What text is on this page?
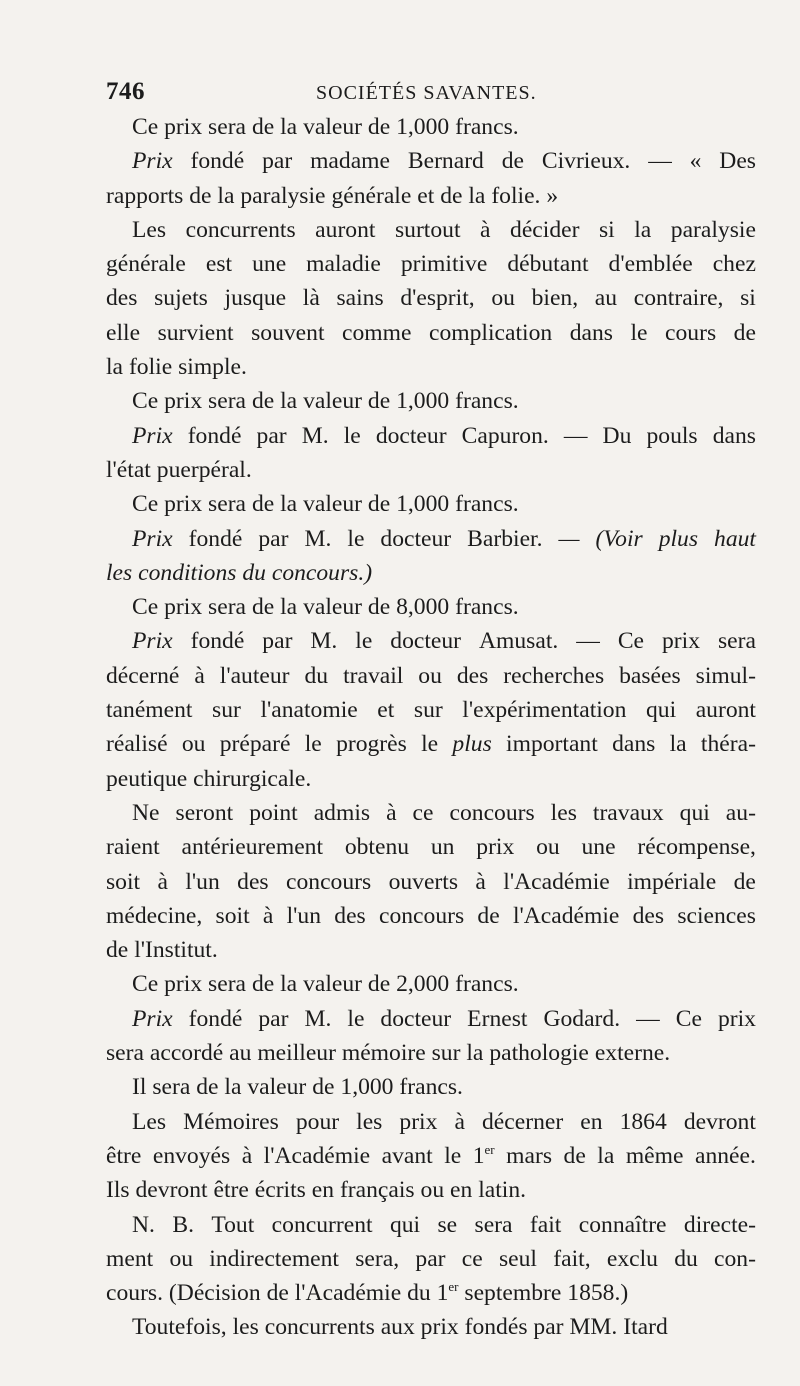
746	SOCIÉTÉS SAVANTES.
Ce prix sera de la valeur de 1,000 francs.
Prix fondé par madame Bernard de Civrieux. — « Des
rapports de la paralysie générale et de la folie. »
Les concurrents auront surtout à décider si la paralysie
générale est une maladie primitive débutant d'emblée chez
des sujets jusque là sains d'esprit, ou bien, au contraire, si
elle survient souvent comme complication dans le cours de
la folie simple.
Ce prix sera de la valeur de 1,000 francs.
Prix fondé par M. le docteur Capuron. — Du pouls dans
l'état puerpéral.
Ce prix sera de la valeur de 1,000 francs.
Prix fondé par M. le docteur Barbier. — (Voir plus haut
les conditions du concours.)
Ce prix sera de la valeur de 8,000 francs.
Prix fondé par M. le docteur Amusat. — Ce prix sera
décerné à l'auteur du travail ou des recherches basées simul-
tanément sur l'anatomie et sur l'expérimentation qui auront
réalisé ou préparé le progrès le plus important dans la théra-
peutique chirurgicale.
Ne seront point admis à ce concours les travaux qui au-
raient antérieurement obtenu un prix ou une récompense,
soit à l'un des concours ouverts à l'Académie impériale de
médecine, soit à l'un des concours de l'Académie des sciences
de l'Institut.
Ce prix sera de la valeur de 2,000 francs.
Prix fondé par M. le docteur Ernest Godard. — Ce prix
sera accordé au meilleur mémoire sur la pathologie externe.
Il sera de la valeur de 1,000 francs.
Les Mémoires pour les prix à décerner en 1864 devront
être envoyés à l'Académie avant le 1er mars de la même année.
Ils devront être écrits en français ou en latin.
N. B. Tout concurrent qui se sera fait connaître directe-
ment ou indirectement sera, par ce seul fait, exclu du con-
cours. (Décision de l'Académie du 1er septembre 1858.)
Toutefois, les concurrents aux prix fondés par MM. Itard
